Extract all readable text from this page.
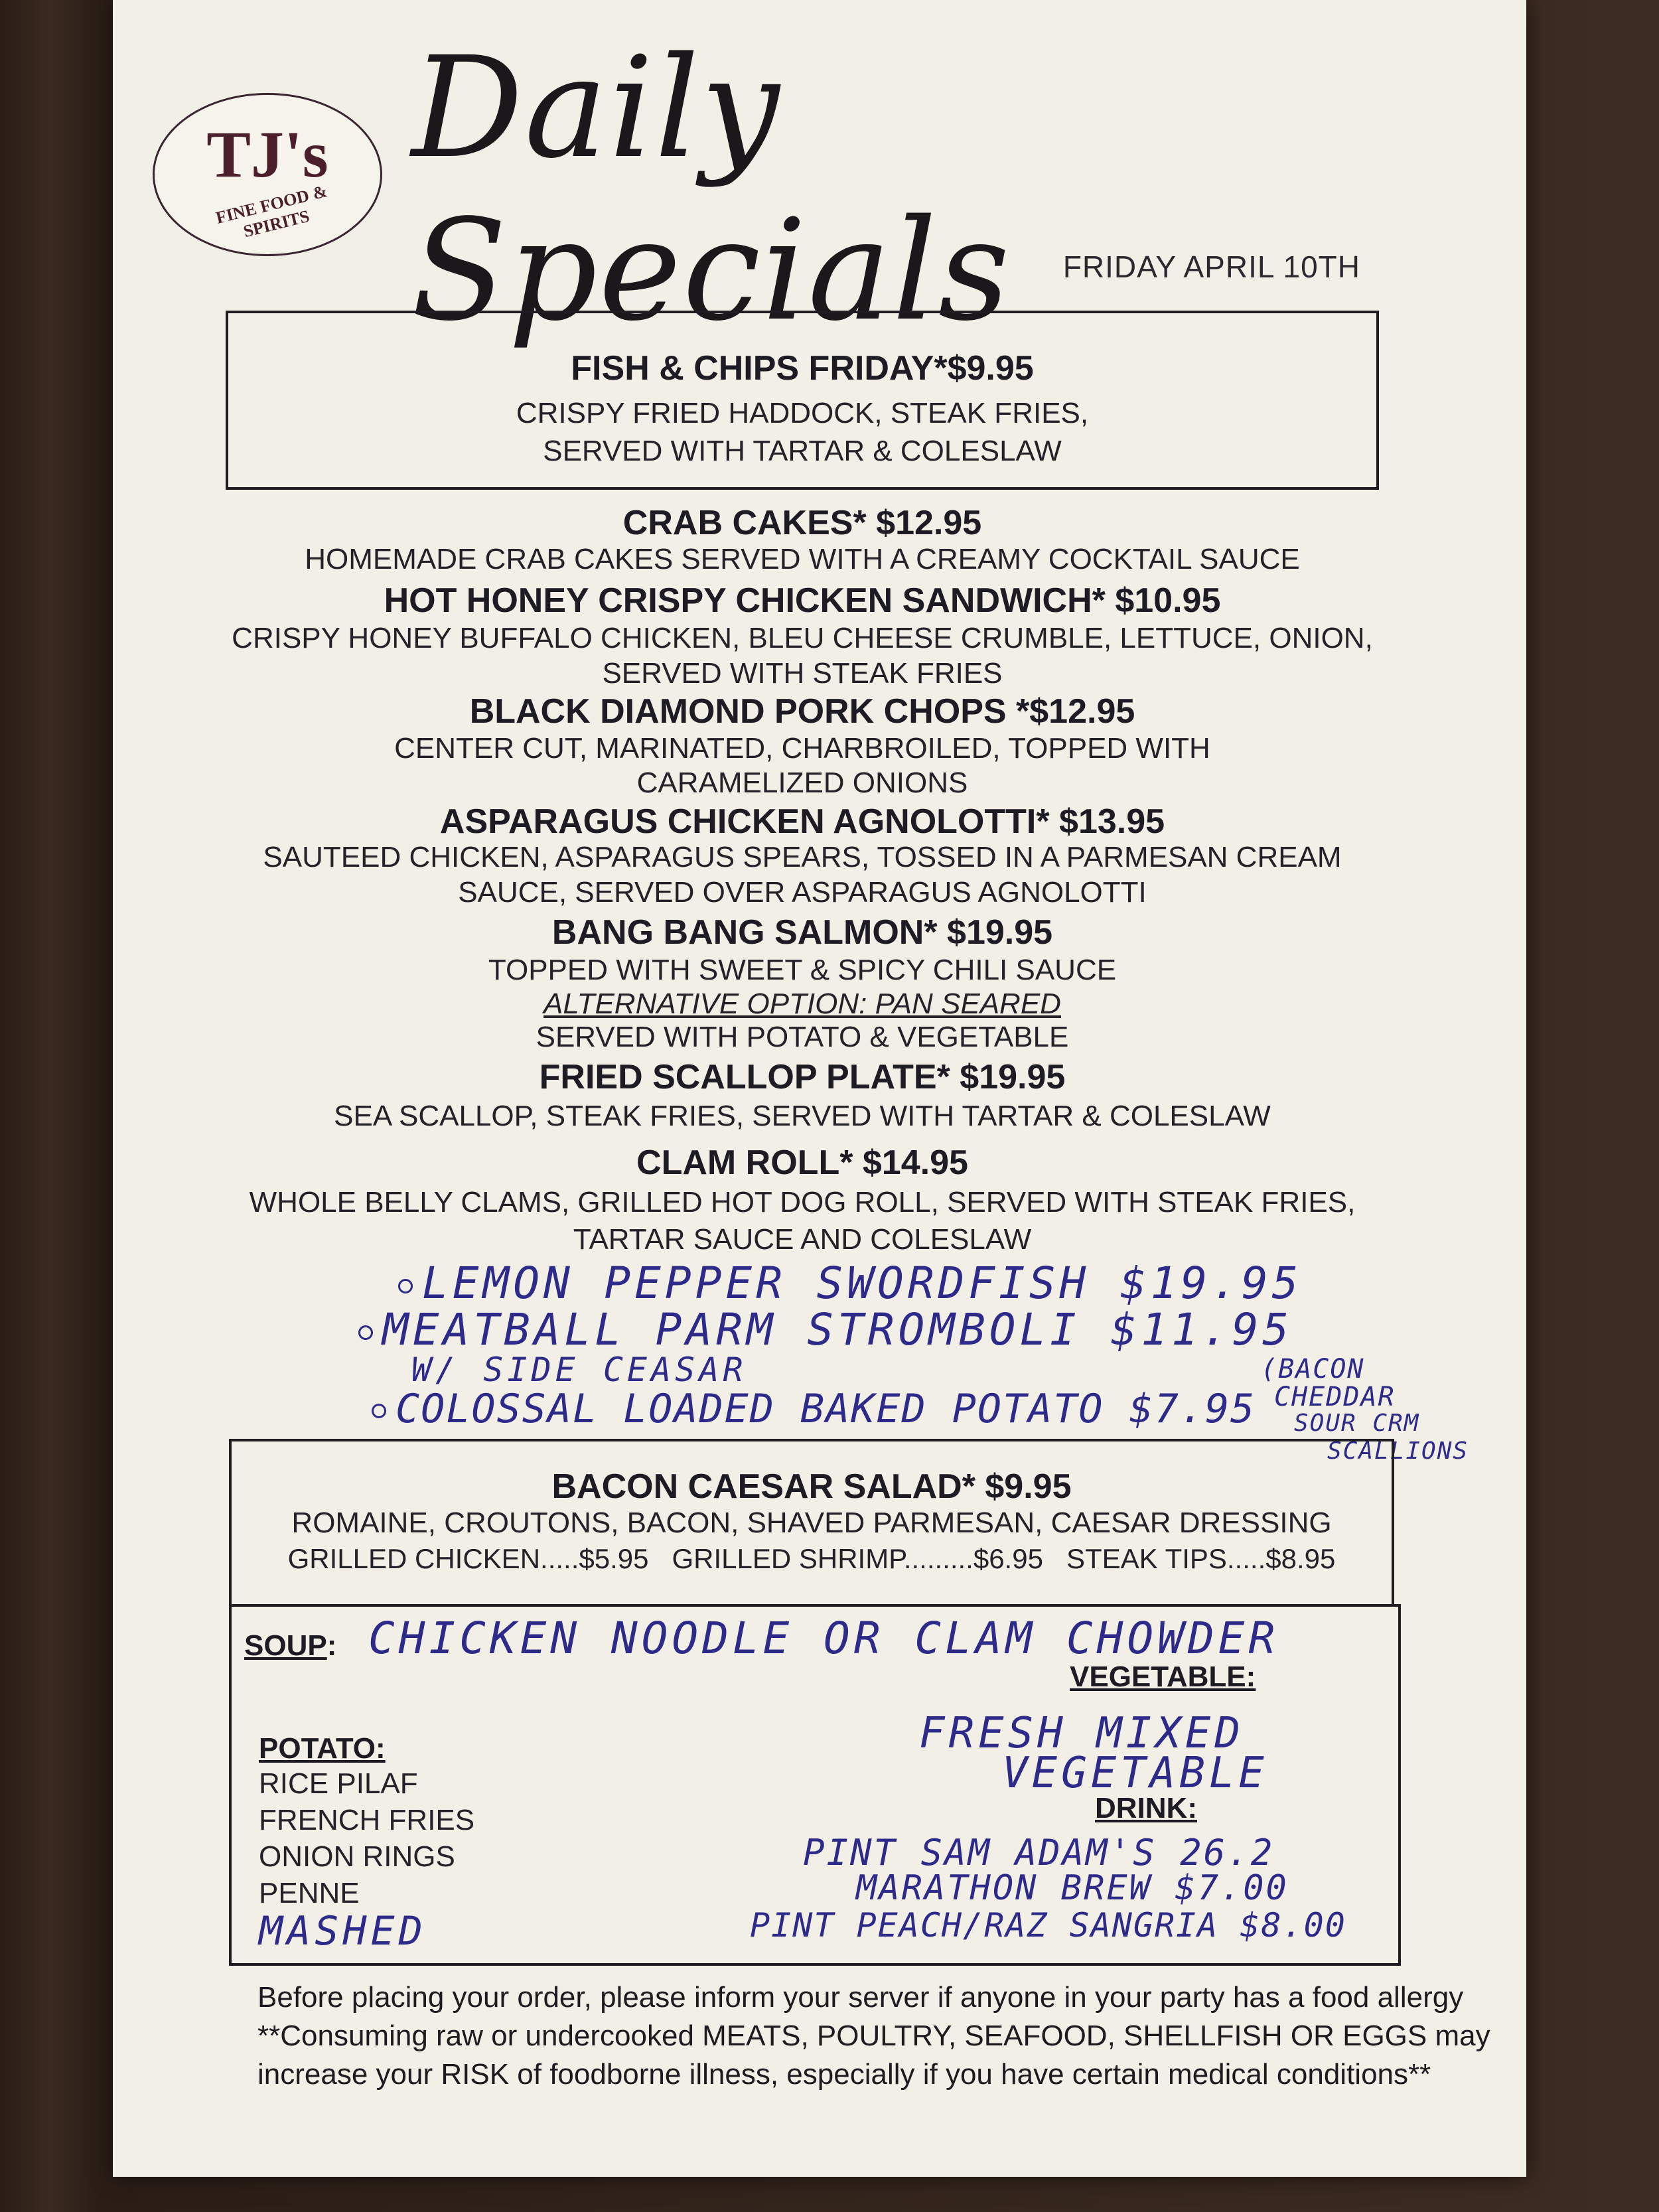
TJ's
FINE FOOD & SPIRITS
Daily Specials	FRIDAY APRIL 10TH
FISH & CHIPS FRIDAY*$9.95
CRISPY FRIED HADDOCK, STEAK FRIES,
SERVED WITH TARTAR & COLESLAW
CRAB CAKES* $12.95
HOMEMADE CRAB CAKES SERVED WITH A CREAMY COCKTAIL SAUCE
HOT HONEY CRISPY CHICKEN SANDWICH* $10.95
CRISPY HONEY BUFFALO CHICKEN, BLEU CHEESE CRUMBLE, LETTUCE, ONION,
SERVED WITH STEAK FRIES
BLACK DIAMOND PORK CHOPS *$12.95
CENTER CUT, MARINATED, CHARBROILED, TOPPED WITH
CARAMELIZED ONIONS
ASPARAGUS CHICKEN AGNOLOTTI* $13.95
SAUTEED CHICKEN, ASPARAGUS SPEARS, TOSSED IN A PARMESAN CREAM
SAUCE, SERVED OVER ASPARAGUS AGNOLOTTI
BANG BANG SALMON* $19.95
TOPPED WITH SWEET & SPICY CHILI SAUCE
ALTERNATIVE OPTION: PAN SEARED
SERVED WITH POTATO & VEGETABLE
FRIED SCALLOP PLATE* $19.95
SEA SCALLOP, STEAK FRIES, SERVED WITH TARTAR & COLESLAW
CLAM ROLL* $14.95
WHOLE BELLY CLAMS, GRILLED HOT DOG ROLL, SERVED WITH STEAK FRIES,
TARTAR SAUCE AND COLESLAW
LEMON PEPPER SWORDFISH $19.95
MEATBALL PARM STROMBOLI $11.95
W/ SIDE CEASAR
COLOSSAL LOADED BAKED POTATO $7.95
(BACON
CHEDDAR
SOUR CRM
SCALLIONS
BACON CAESAR SALAD* $9.95
ROMAINE, CROUTONS, BACON, SHAVED PARMESAN, CAESAR DRESSING
GRILLED CHICKEN.....$5.95   GRILLED SHRIMP.........$6.95   STEAK TIPS.....$8.95
SOUP: CHICKEN NOODLE OR CLAM CHOWDER
VEGETABLE:
FRESH MIXED
VEGETABLE
POTATO:
RICE PILAF
FRENCH FRIES
ONION RINGS
PENNE
MASHED
DRINK:
PINT SAM ADAM'S 26.2
MARATHON BREW $7.00
PINT PEACH/RAZ SANGRIA $8.00
Before placing your order, please inform your server if anyone in your party has a food allergy
**Consuming raw or undercooked MEATS, POULTRY, SEAFOOD, SHELLFISH OR EGGS may
increase your RISK of foodborne illness, especially if you have certain medical conditions**
